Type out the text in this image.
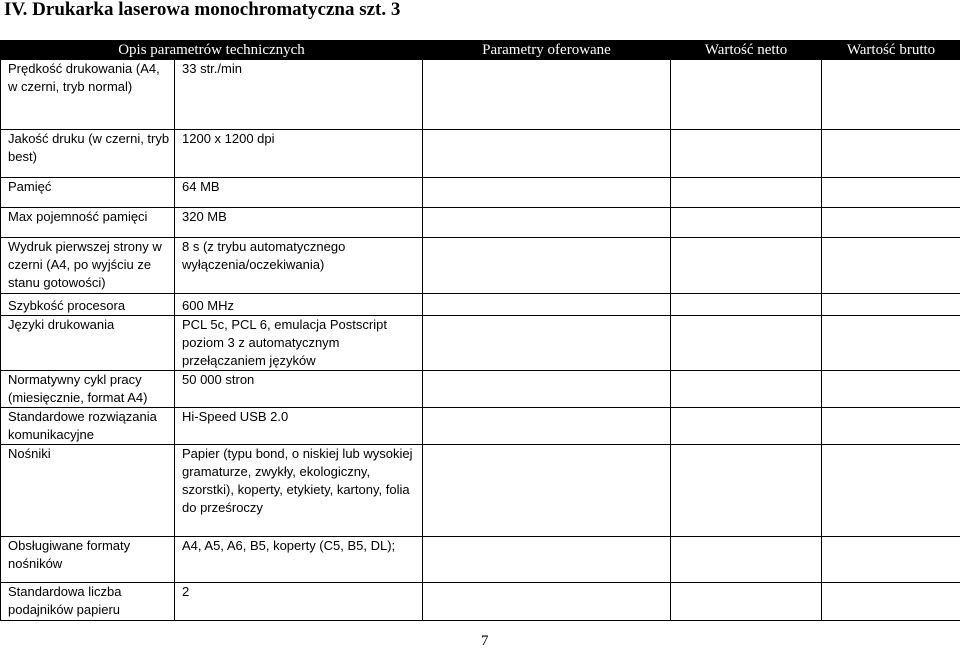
IV. Drukarka laserowa monochromatyczna szt. 3
Opis parametrów technicznych		Parametry oferowane	Wartość netto	Wartość brutto
Prędkość drukowania (A4, w czerni, tryb normal)	33 str./min			
Jakość druku (w czerni, tryb best)	1200 x 1200 dpi			
Pamięć	64 MB			
Max pojemność pamięci	320 MB			
Wydruk pierwszej strony w czerni (A4, po wyjściu ze stanu gotowości)	8 s (z trybu automatycznego wyłączenia/oczekiwania)			
Szybkość procesora	600 MHz			
Języki drukowania	PCL 5c, PCL 6, emulacja Postscript poziom 3 z automatycznym przełączaniem języków			
Normatywny cykl pracy (miesięcznie, format A4)	50 000 stron			
Standardowe rozwiązania komunikacyjne	Hi-Speed USB 2.0			
Nośniki	Papier (typu bond, o niskiej lub wysokiej gramaturze, zwykły, ekologiczny, szorstki), koperty, etykiety, kartony, folia do prześroczy			
Obsługiwane formaty nośników	A4, A5, A6, B5, koperty (C5, B5, DL);			
Standardowa liczba podajników papieru	2			
7
